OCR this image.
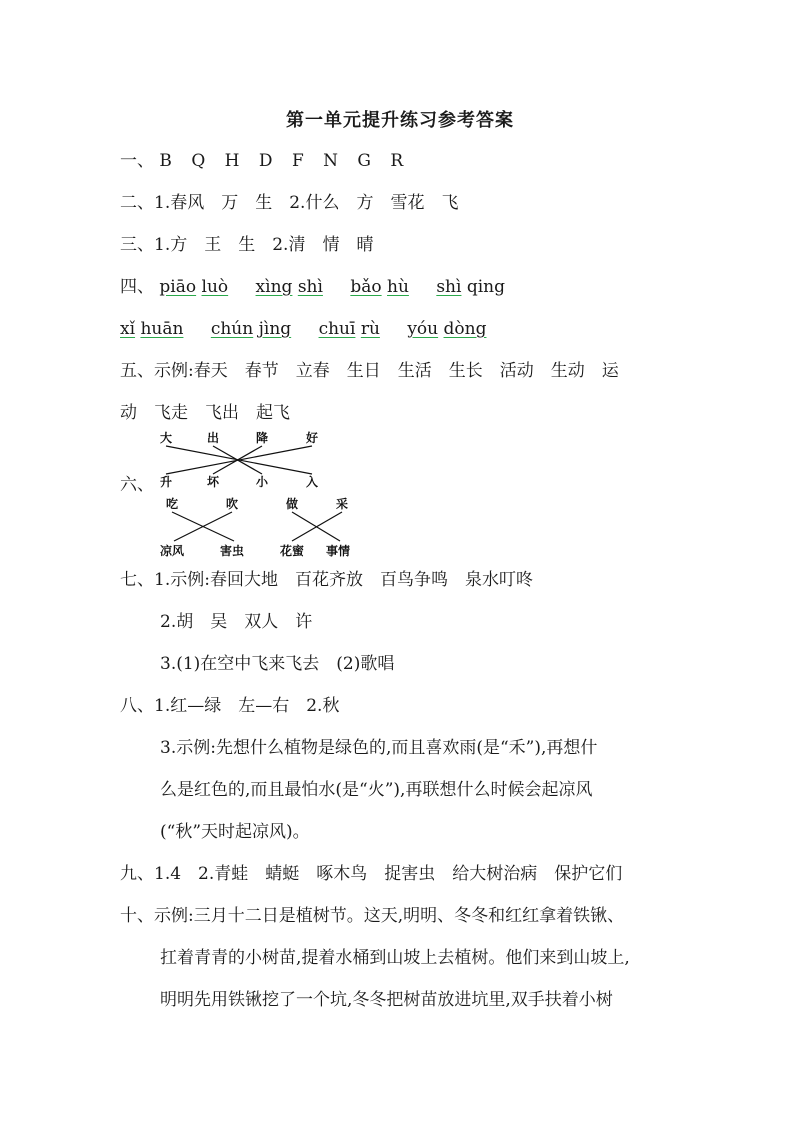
第一单元提升练习参考答案
一、 B Q H D F N G R
二、1.春风　万　生　2.什么　方　雪花　飞
三、1.方　王　生　2.清　情　晴
四、 piāo luò xìng shì bǎo hù shì qing
xǐ huān chún jìng chuī rù yóu dòng
五、示例:春天　春节　立春　生日　生活　生长　活动　生动　运
动　飞走　飞出　起飞
六、
大	出	降	好
升	坏	小	入
吃	吹	做	采
凉风	害虫	花蜜 事情
七、1.示例:春回大地　百花齐放　百鸟争鸣　泉水叮咚
2.胡　吴　双人　许
3.(1)在空中飞来飞去　(2)歌唱
八、1.红—绿　左—右　2.秋
3.示例:先想什么植物是绿色的,而且喜欢雨(是“禾”),再想什
么是红色的,而且最怕水(是“火”),再联想什么时候会起凉风
(“秋”天时起凉风)。
九、1.4　2.青蛙　蜻蜓　啄木鸟　捉害虫　给大树治病　保护它们
十、示例:三月十二日是植树节。这天,明明、冬冬和红红拿着铁锹、
扛着青青的小树苗,提着水桶到山坡上去植树。他们来到山坡上,
明明先用铁锹挖了一个坑,冬冬把树苗放进坑里,双手扶着小树
